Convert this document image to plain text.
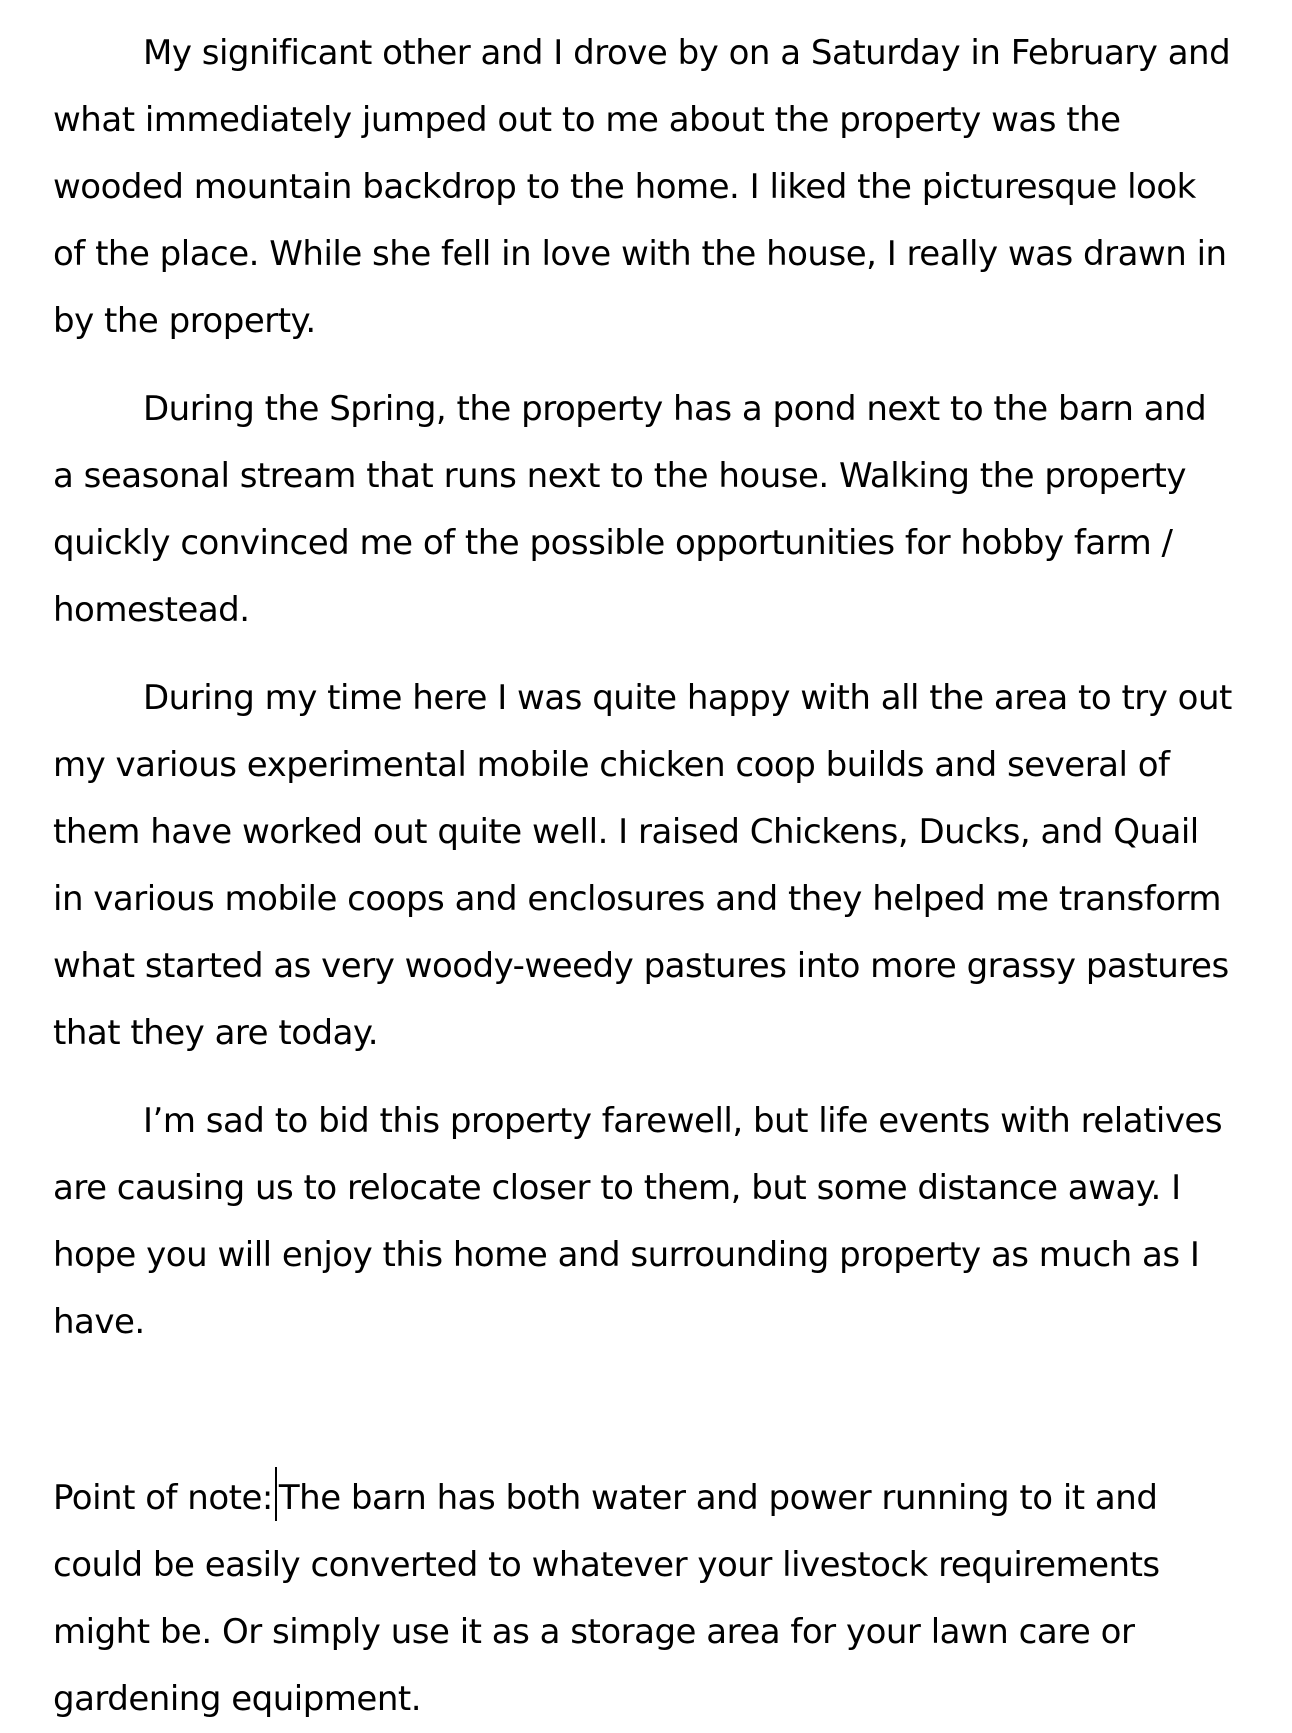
My significant other and I drove by on a Saturday in February and what immediately jumped out to me about the property was the wooded mountain backdrop to the home. I liked the picturesque look of the place. While she fell in love with the house, I really was drawn in by the property.

During the Spring, the property has a pond next to the barn and a seasonal stream that runs next to the house. Walking the property quickly convinced me of the possible opportunities for hobby farm / homestead.

During my time here I was quite happy with all the area to try out my various experimental mobile chicken coop builds and several of them have worked out quite well. I raised Chickens, Ducks, and Quail in various mobile coops and enclosures and they helped me transform what started as very woody-weedy pastures into more grassy pastures that they are today.

I’m sad to bid this property farewell, but life events with relatives are causing us to relocate closer to them, but some distance away. I hope you will enjoy this home and surrounding property as much as I have.

Point of note: The barn has both water and power running to it and could be easily converted to whatever your livestock requirements might be. Or simply use it as a storage area for your lawn care or gardening equipment.
